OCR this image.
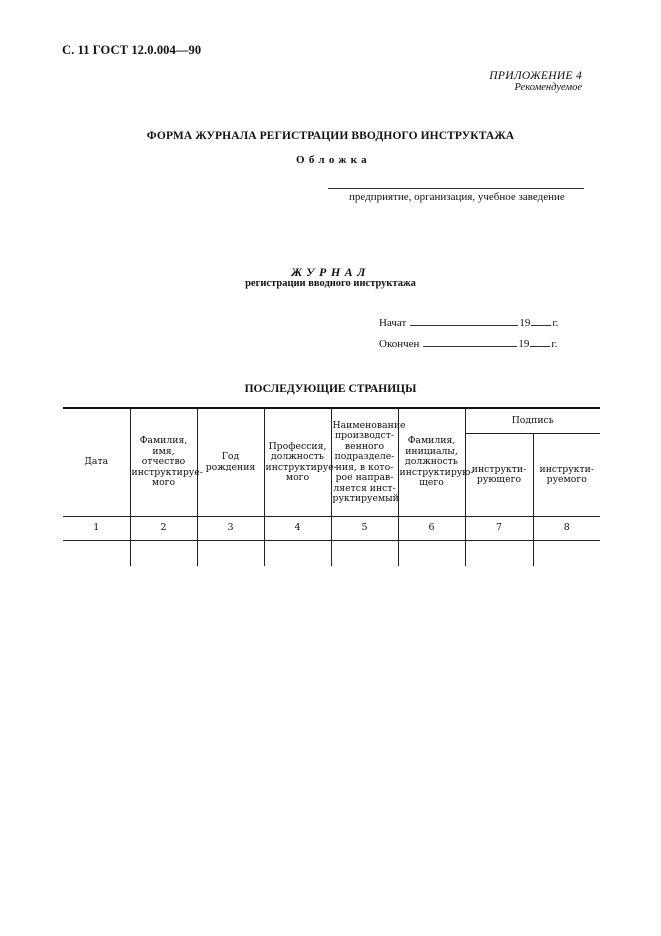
С. 11 ГОСТ 12.0.004—90
ПРИЛОЖЕНИЕ 4
Рекомендуемое
ФОРМА ЖУРНАЛА РЕГИСТРАЦИИ ВВОДНОГО ИНСТРУКТАЖА
Обложка
предприятие, организация, учебное заведение
ЖУРНАЛ
регистрации вводного инструктажа
Начат	19 г.
Окончен	19 г.
ПОСЛЕДУЮЩИЕ СТРАНИЦЫ
Дата	Фамилия, имя, отчество инструктируе-мого	Год рождения	Профессия, должность инструктируе-мого	Наименование производст-венного подразделе-ния, в кото-рое направ-ляется инст-руктируемый	Фамилия, инициалы, должность инструктирую-щего	Подпись	
						инструкти-рующего	инструкти-руемого
1	2	3	4	5	6	7	8
